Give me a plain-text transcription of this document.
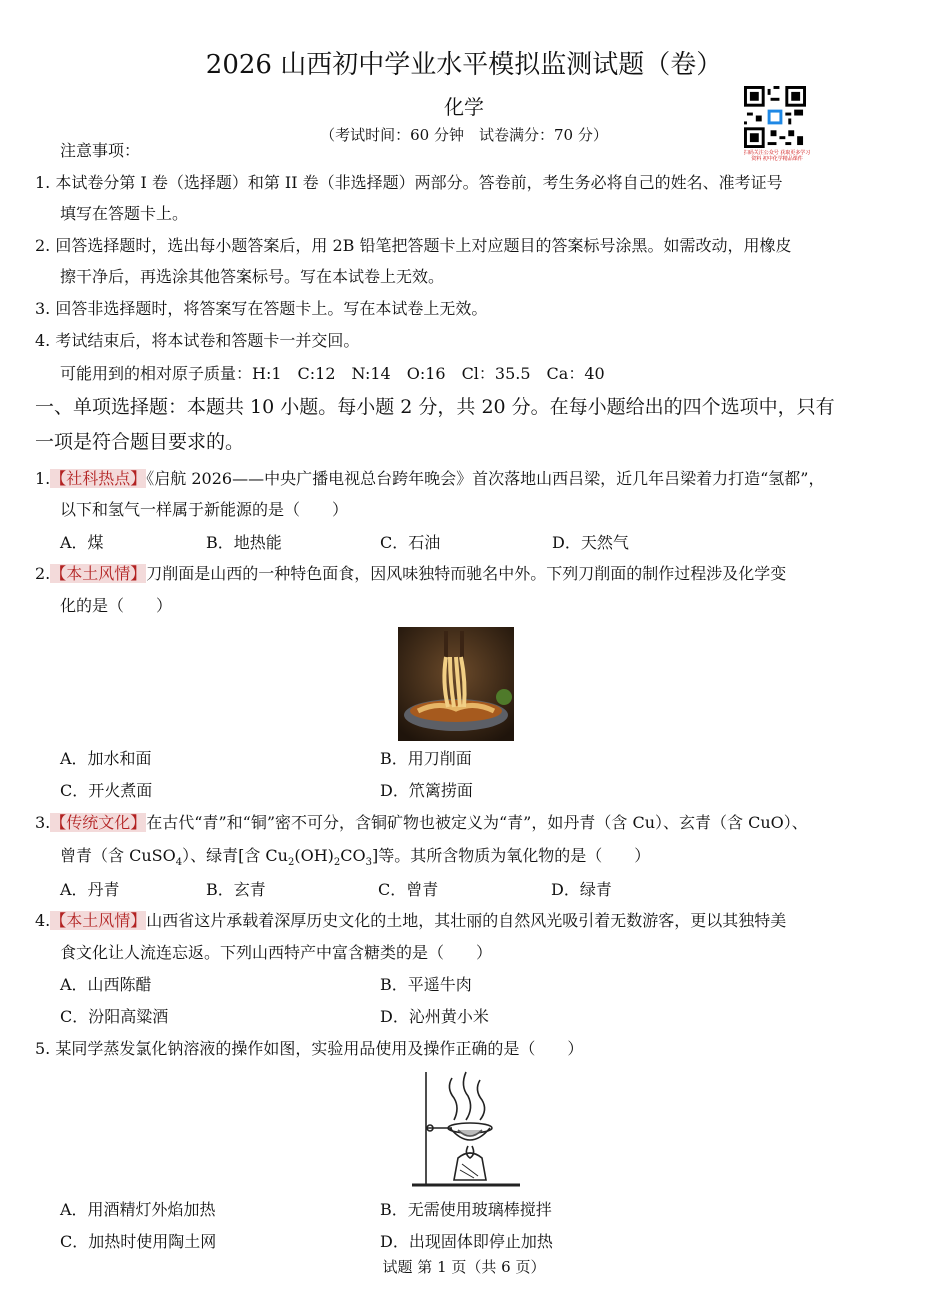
2026 山西初中学业水平模拟监测试题（卷）
化学
（考试时间：60 分钟　试卷满分：70 分）
扫码关注公众号 获取更多学习资料 初中化学精品课件
注意事项：
1. 本试卷分第 I 卷（选择题）和第 II 卷（非选择题）两部分。答卷前，考生务必将自己的姓名、准考证号
填写在答题卡上。
2. 回答选择题时，选出每小题答案后，用 2B 铅笔把答题卡上对应题目的答案标号涂黑。如需改动，用橡皮
擦干净后，再选涂其他答案标号。写在本试卷上无效。
3. 回答非选择题时，将答案写在答题卡上。写在本试卷上无效。
4. 考试结束后，将本试卷和答题卡一并交回。
可能用到的相对原子质量：H:1　C:12　N:14　O:16　Cl：35.5　Ca：40
一、单项选择题：本题共 10 小题。每小题 2 分，共 20 分。在每小题给出的四个选项中，只有
一项是符合题目要求的。
1.【社科热点】《启航 2026——中央广播电视总台跨年晚会》首次落地山西吕梁，近几年吕梁着力打造“氢都”，
以下和氢气一样属于新能源的是（　　）
A．煤	B．地热能	C．石油	D．天然气
2.【本土风情】刀削面是山西的一种特色面食，因风味独特而驰名中外。下列刀削面的制作过程涉及化学变
化的是（　　）
A．加水和面	B．用刀削面
C．开火煮面	D．笊篱捞面
3.【传统文化】在古代“青”和“铜”密不可分，含铜矿物也被定义为“青”，如丹青（含 Cu）、玄青（含 CuO）、
曾青（含 CuSO$_4$）、绿青[含 $Cu_2(OH)_2CO_3$]等。其所含物质为氧化物的是（　　）
A．丹青	B．玄青	C．曾青	D．绿青
4.【本土风情】山西省这片承载着深厚历史文化的土地，其壮丽的自然风光吸引着无数游客，更以其独特美
食文化让人流连忘返。下列山西特产中富含糖类的是（　　）
A．山西陈醋	B．平遥牛肉
C．汾阳高粱酒	D．沁州黄小米
5. 某同学蒸发氯化钠溶液的操作如图，实验用品使用及操作正确的是（　　）
A．用酒精灯外焰加热	B．无需使用玻璃棒搅拌
C．加热时使用陶土网	D．出现固体即停止加热
试题 第 1 页（共 6 页）
